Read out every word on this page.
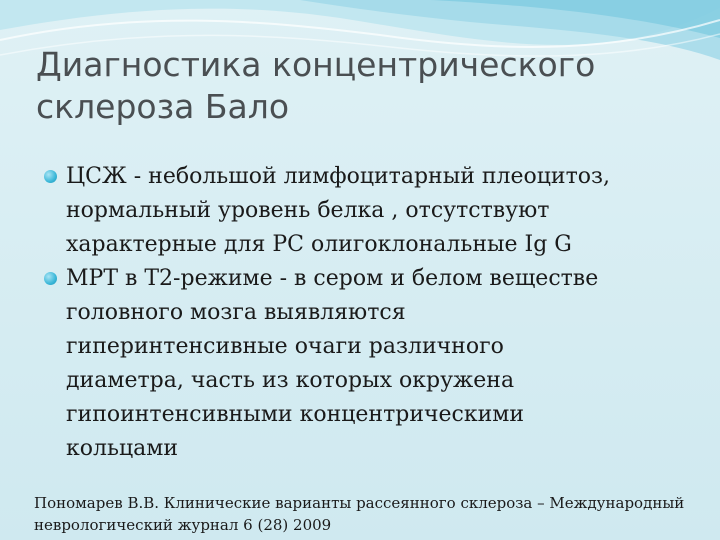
Диагностика концентрического
склероза Бало
ЦСЖ - небольшой лимфоцитарный плеоцитоз,
нормальный уровень белка , отсутствуют
характерные для РС олигоклональные Ig G
МРТ в Т2-режиме - в сером и белом веществе
головного мозга выявляются
гиперинтенсивные очаги различного
диаметра, часть из которых окружена
гипоинтенсивными концентрическими
кольцами

Пономарев В.В. Клинические варианты рассеянного склероза – Международный
неврологический журнал 6 (28) 2009
